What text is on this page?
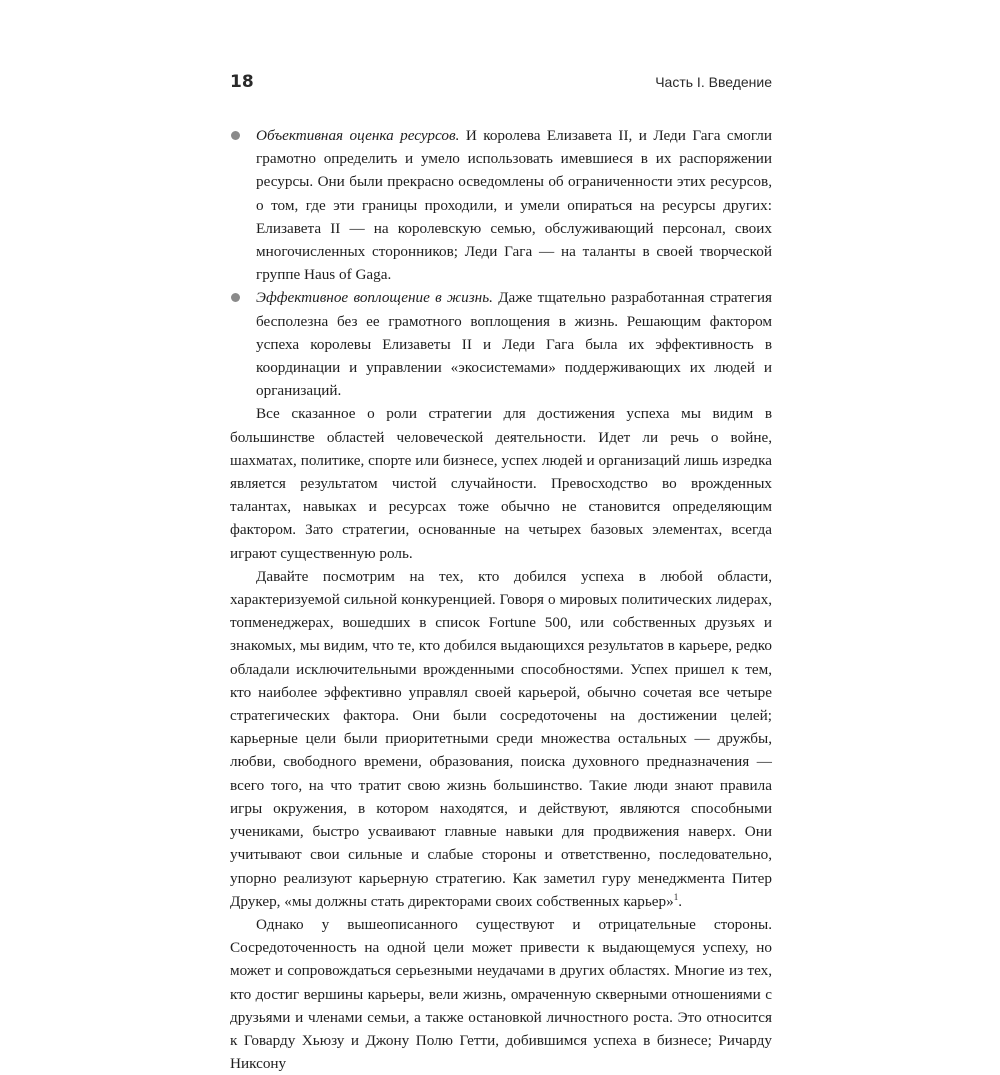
18	Часть I. Введение
Объективная оценка ресурсов. И королева Елизавета II, и Леди Гага смогли грамотно определить и умело использовать имевшиеся в их распоряжении ресурсы. Они были прекрасно осведомлены об ограниченности этих ресурсов, о том, где эти границы проходили, и умели опираться на ресурсы других: Елизавета II — на королевскую семью, обслуживающий персонал, своих многочисленных сторонников; Леди Гага — на таланты в своей творческой группе Haus of Gaga.
Эффективное воплощение в жизнь. Даже тщательно разработанная стратегия бесполезна без ее грамотного воплощения в жизнь. Решающим фактором успеха королевы Елизаветы II и Леди Гага была их эффективность в координации и управлении «экосистемами» поддерживающих их людей и организаций.

Все сказанное о роли стратегии для достижения успеха мы видим в большинстве областей человеческой деятельности. Идет ли речь о войне, шахматах, политике, спорте или бизнесе, успех людей и организаций лишь изредка является результатом чистой случайности. Превосходство во врожденных талантах, навыках и ресурсах тоже обычно не становится определяющим фактором. Зато стратегии, основанные на четырех базовых элементах, всегда играют существенную роль.

Давайте посмотрим на тех, кто добился успеха в любой области, характеризуемой сильной конкуренцией. Говоря о мировых политических лидерах, топменеджерах, вошедших в список Fortune 500, или собственных друзьях и знакомых, мы видим, что те, кто добился выдающихся результатов в карьере, редко обладали исключительными врожденными способностями. Успех пришел к тем, кто наиболее эффективно управлял своей карьерой, обычно сочетая все четыре стратегических фактора. Они были сосредоточены на достижении целей; карьерные цели были приоритетными среди множества остальных — дружбы, любви, свободного времени, образования, поиска духовного предназначения — всего того, на что тратит свою жизнь большинство. Такие люди знают правила игры окружения, в котором находятся, и действуют, являются способными учениками, быстро усваивают главные навыки для продвижения наверх. Они учитывают свои сильные и слабые стороны и ответственно, последовательно, упорно реализуют карьерную стратегию. Как заметил гуру менеджмента Питер Друкер, «мы должны стать директорами своих собственных карьер»$^1$.

Однако у вышеописанного существуют и отрицательные стороны. Сосредоточенность на одной цели может привести к выдающемуся успеху, но может и сопровождаться серьезными неудачами в других областях. Многие из тех, кто достиг вершины карьеры, вели жизнь, омраченную скверными отношениями с друзьями и членами семьи, а также остановкой личностного роста. Это относится к Говарду Хьюзу и Джону Полю Гетти, добившимся успеха в бизнесе; Ричарду Никсону
